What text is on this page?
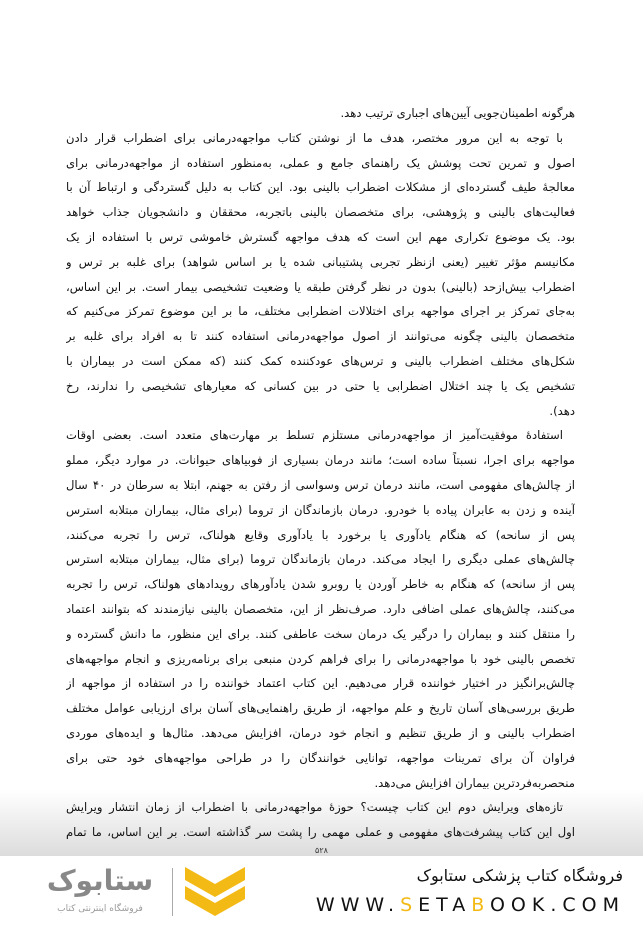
هرگونه اطمینان‌جویی آیین‌های اجباری ترتیب دهد.
با توجه به این مرور مختصر، هدف ما از نوشتن کتاب مواجهه‌درمانی برای اضطراب قرار دادن
اصول و تمرین تحت پوشش یک راهنمای جامع و عملی، به‌منظور استفاده از مواجهه‌درمانی برای
معالجهٔ طیف گسترده‌ای از مشکلات اضطراب بالینی بود. این کتاب به دلیل گستردگی و ارتباط آن با
فعالیت‌های بالینی و پژوهشی، برای متخصصان بالینی باتجربه، محققان و دانشجویان جذاب خواهد
بود. یک موضوع تکراری مهم این است که هدف مواجهه گسترش خاموشی ترس با استفاده از یک
مکانیسم مؤثر تغییر (یعنی ازنظر تجربی پشتیبانی شده یا بر اساس شواهد) برای غلبه بر ترس و
اضطراب بیش‌ازحد (بالینی) بدون در نظر گرفتن طبقه یا وضعیت تشخیصی بیمار است. بر این اساس،
به‌جای تمرکز بر اجرای مواجهه برای اختلالات اضطرابی مختلف، ما بر این موضوع تمرکز می‌کنیم که
متخصصان بالینی چگونه می‌توانند از اصول مواجهه‌درمانی استفاده کنند تا به افراد برای غلبه بر
شکل‌های مختلف اضطراب بالینی و ترس‌های عودکننده کمک کنند (که ممکن است در بیماران با
تشخیص یک یا چند اختلال اضطرابی یا حتی در بین کسانی که معیارهای تشخیصی را ندارند، رخ
دهد).
استفادهٔ موفقیت‌آمیز از مواجهه‌درمانی مستلزم تسلط بر مهارت‌های متعدد است. بعضی اوقات
مواجهه برای اجرا، نسبتاً ساده است؛ مانند درمان بسیاری از فوبیاهای حیوانات. در موارد دیگر، مملو
از چالش‌های مفهومی است، مانند درمان ترس وسواسی از رفتن به جهنم، ابتلا به سرطان در ۴۰ سال
آینده و زدن به عابران پیاده با خودرو. درمان بازماندگان از تروما (برای مثال، بیماران مبتلابه استرس
پس از سانحه) که هنگام یادآوری یا برخورد با یادآوری وقایع هولناک، ترس را تجربه می‌کنند،
چالش‌های عملی دیگری را ایجاد می‌کند. درمان بازماندگان تروما (برای مثال، بیماران مبتلابه استرس
پس از سانحه) که هنگام به خاطر آوردن یا روبرو شدن یادآورهای رویدادهای هولناک، ترس را تجربه
می‌کنند، چالش‌های عملی اضافی دارد. صرف‌نظر از این، متخصصان بالینی نیازمندند که بتوانند اعتماد
را منتقل کنند و بیماران را درگیر یک درمان سخت عاطفی کنند. برای این منظور، ما دانش گسترده و
تخصص بالینی خود با مواجهه‌درمانی را برای فراهم کردن منبعی برای برنامه‌ریزی و انجام مواجهه‌های
چالش‌برانگیز در اختیار خواننده قرار می‌دهیم. این کتاب اعتماد خواننده را در استفاده از مواجهه از
طریق بررسی‌های آسان تاریخ و علم مواجهه، از طریق راهنمایی‌های آسان برای ارزیابی عوامل مختلف
اضطراب بالینی و از طریق تنظیم و انجام خود درمان، افزایش می‌دهد. مثال‌ها و ایده‌های موردی
فراوان آن برای تمرینات مواجهه، توانایی خوانندگان را در طراحی مواجهه‌های خود حتی برای
منحصربه‌فردترین بیماران افزایش می‌دهد.
تازه‌های ویرایش دوم این کتاب چیست؟ حوزهٔ مواجهه‌درمانی با اضطراب از زمان انتشار ویرایش
اول این کتاب پیشرفت‌های مفهومی و عملی مهمی را پشت سر گذاشته است. بر این اساس، ما تمام
۵۲۸
ستابوک
فروشگاه اینترنتی کتاب
فروشگاه کتاب پزشکی ستابوک
WWW.SETABOOK.COM
